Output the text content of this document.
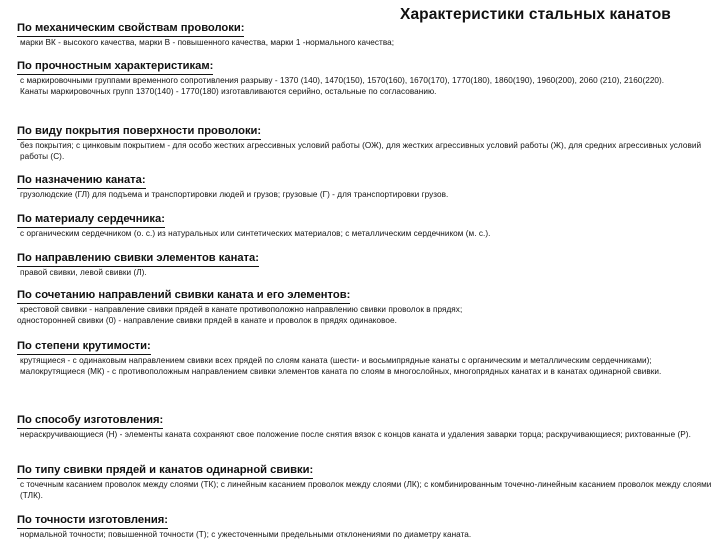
Характеристики стальных канатов
По механическим свойствам проволоки:

марки ВК - высокого качества, марки В - повышенного качества, марки 1 -нормального качества;

По прочностным характеристикам:

с маркировочными группами временного сопротивления разрыву - 1370 (140), 1470(150), 1570(160), 1670(170), 1770(180), 1860(190), 1960(200), 2060 (210), 2160(220).

Канаты маркировочных групп 1370(140) - 1770(180) изготавливаются серийно, остальные по согласованию.

По виду покрытия поверхности проволоки:

без покрытия; с цинковым покрытием - для особо жестких агрессивных условий работы (ОЖ), для жестких агрессивных условий работы (Ж), для средних агрессивных условий работы (С).

По назначению каната:

грузолюдские (ГЛ) для подъема и транспортировки людей и грузов; грузовые (Г) - для транспортировки грузов.

По материалу сердечника:

с органическим сердечником (о. с.) из натуральных или синтетических материалов; с металлическим сердечником (м. с.).

По направлению свивки элементов каната:

правой свивки, левой свивки (Л).

По сочетанию направлений свивки каната и его элементов:

крестовой свивки - направление свивки прядей в канате противоположно направлению свивки проволок в прядях;

односторонней свивки (0) - направление свивки прядей в канате и проволок в прядях одинаковое.

По степени крутимости:

крутящиеся - с одинаковым направлением свивки всех прядей по слоям каната (шести- и восьмипрядные канаты с органическим и металлическим сердечниками);

малокрутящиеся (МК) - с противоположным направлением свивки элементов каната по слоям в многослойных, многопрядных канатах и в канатах одинарной свивки.

По способу изготовления:

нераскручивающиеся (Н) - элементы каната сохраняют свое положение после снятия вязок с концов каната и удаления заварки торца; раскручивающиеся; рихтованные (Р).

По типу свивки прядей и канатов одинарной свивки:

с точечным касанием проволок между слоями (ТК); с линейным касанием проволок между слоями (ЛК); с комбинированным точечно-линейным касанием проволок между слоями (ТЛК).

По точности изготовления:

нормальной точности; повышенной точности (Т); с ужесточенными предельными отклонениями по диаметру каната.
